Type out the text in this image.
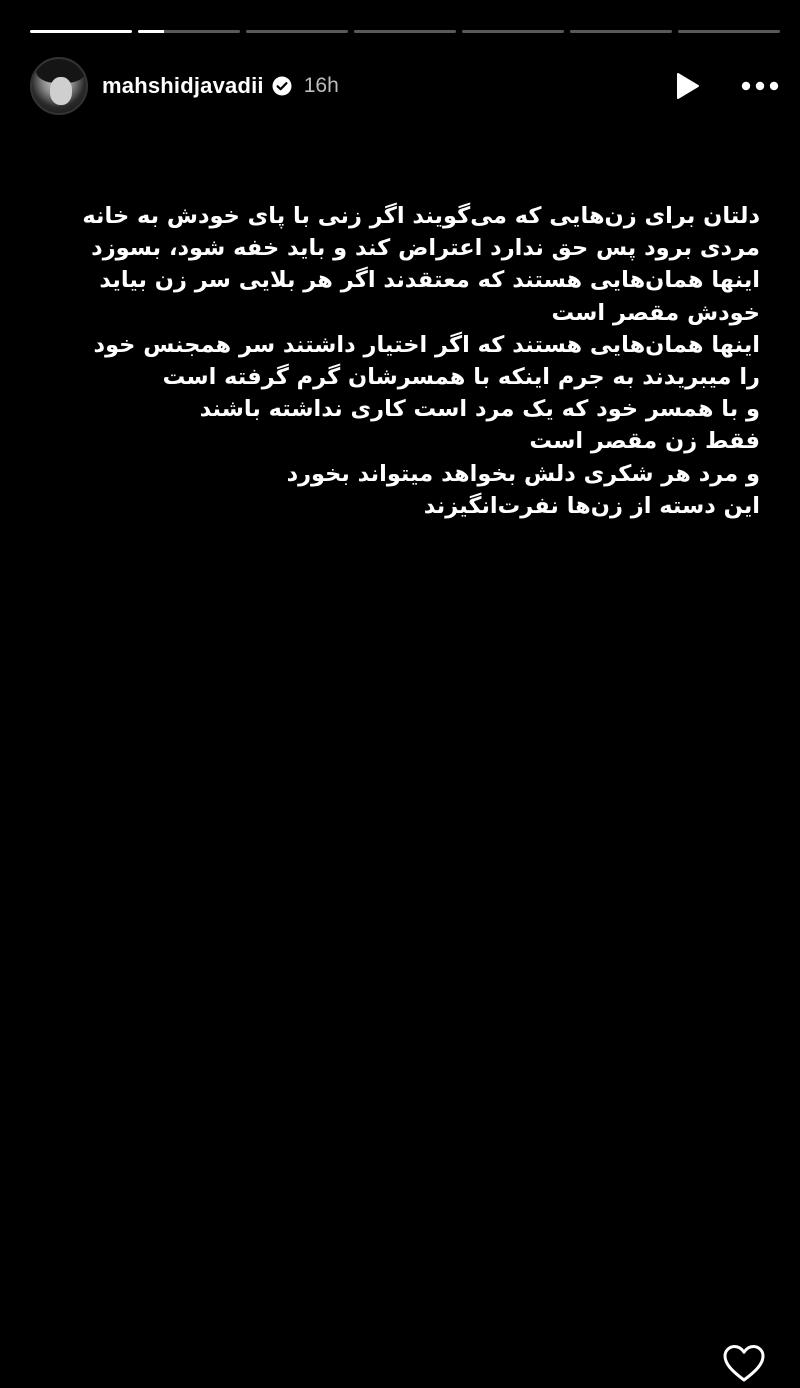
mahshidjavadii 16h
دلتان برای زن‌هایی که می‌گویند اگر زنی با پای خودش به خانه
مردی برود پس حق ندارد اعتراض کند و باید خفه شود، بسوزد
اینها همان‌هایی هستند که معتقدند اگر هر بلایی سر زن بیاید
خودش مقصر است
اینها همان‌هایی هستند که اگر اختیار داشتند سر همجنس خود
را میبریدند به جرم اینکه با همسرشان گرم گرفته است
و با همسر خود که یک مرد است کاری نداشته باشند
فقط زن مقصر است
و مرد هر شکری دلش بخواهد میتواند بخورد
این دسته از زن‌ها نفرت‌انگیزند
